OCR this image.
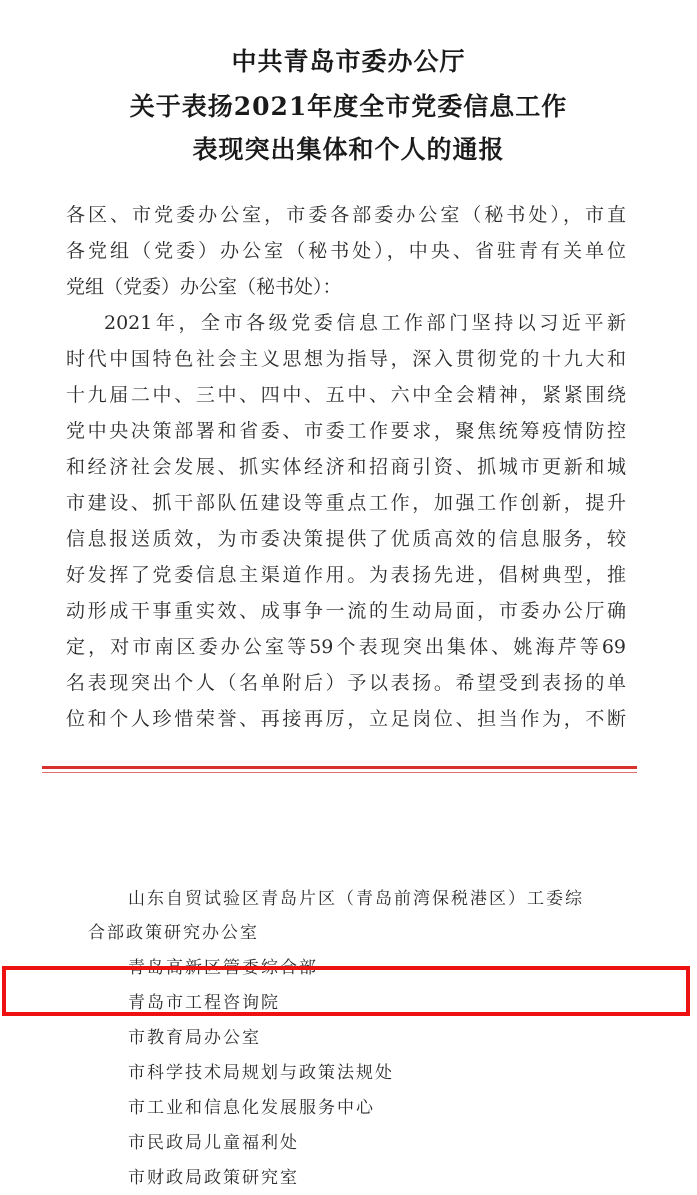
中共青岛市委办公厅
关于表扬2021年度全市党委信息工作
表现突出集体和个人的通报
各区、市党委办公室，市委各部委办公室（秘书处），市直
各党组（党委）办公室（秘书处），中央、省驻青有关单位
党组（党委）办公室（秘书处）：
2021年，全市各级党委信息工作部门坚持以习近平新
时代中国特色社会主义思想为指导，深入贯彻党的十九大和
十九届二中、三中、四中、五中、六中全会精神，紧紧围绕
党中央决策部署和省委、市委工作要求，聚焦统筹疫情防控
和经济社会发展、抓实体经济和招商引资、抓城市更新和城
市建设、抓干部队伍建设等重点工作，加强工作创新，提升
信息报送质效，为市委决策提供了优质高效的信息服务，较
好发挥了党委信息主渠道作用。为表扬先进，倡树典型，推
动形成干事重实效、成事争一流的生动局面，市委办公厅确
定，对市南区委办公室等59个表现突出集体、姚海芹等69
名表现突出个人（名单附后）予以表扬。希望受到表扬的单
位和个人珍惜荣誉、再接再厉，立足岗位、担当作为，不断
山东自贸试验区青岛片区（青岛前湾保税港区）工委综
合部政策研究办公室
青岛高新区管委综合部
青岛市工程咨询院
市教育局办公室
市科学技术局规划与政策法规处
市工业和信息化发展服务中心
市民政局儿童福利处
市财政局政策研究室
